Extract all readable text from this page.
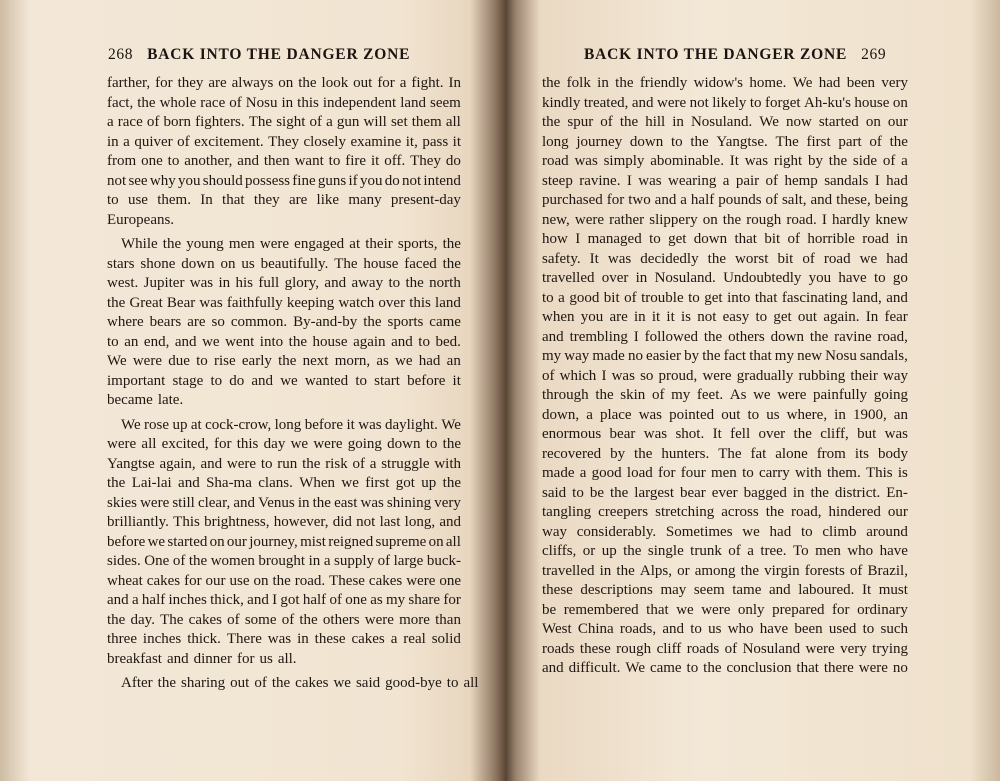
268 BACK INTO THE DANGER ZONE
farther, for they are always on the look out for a fight. In
fact, the whole race of Nosu in this independent land seem
a race of born fighters. The sight of a gun will set them all
in a quiver of excitement. They closely examine it, pass it
from one to another, and then want to fire it off. They do
not see why you should possess fine guns if you do not intend
to use them. In that they are like many present-day
Europeans.
While the young men were engaged at their sports, the
stars shone down on us beautifully. The house faced the
west. Jupiter was in his full glory, and away to the north
the Great Bear was faithfully keeping watch over this land
where bears are so common. By-and-by the sports came
to an end, and we went into the house again and to bed.
We were due to rise early the next morn, as we had an
important stage to do and we wanted to start before it
became late.
We rose up at cock-crow, long before it was daylight. We
were all excited, for this day we were going down to the
Yangtse again, and were to run the risk of a struggle with
the Lai-lai and Sha-ma clans. When we first got up the
skies were still clear, and Venus in the east was shining very
brilliantly. This brightness, however, did not last long, and
before we started on our journey, mist reigned supreme on all
sides. One of the women brought in a supply of large buck-
wheat cakes for our use on the road. These cakes were one
and a half inches thick, and I got half of one as my share for
the day. The cakes of some of the others were more than
three inches thick. There was in these cakes a real solid
breakfast and dinner for us all.
After the sharing out of the cakes we said good-bye to all
BACK INTO THE DANGER ZONE 269
the folk in the friendly widow's home. We had been very
kindly treated, and were not likely to forget Ah-ku's house on
the spur of the hill in Nosuland. We now started on our
long journey down to the Yangtse. The first part of the
road was simply abominable. It was right by the side of a
steep ravine. I was wearing a pair of hemp sandals I had
purchased for two and a half pounds of salt, and these, being
new, were rather slippery on the rough road. I hardly knew
how I managed to get down that bit of horrible road in
safety. It was decidedly the worst bit of road we had
travelled over in Nosuland. Undoubtedly you have to go
to a good bit of trouble to get into that fascinating land, and
when you are in it it is not easy to get out again. In fear
and trembling I followed the others down the ravine road,
my way made no easier by the fact that my new Nosu sandals,
of which I was so proud, were gradually rubbing their way
through the skin of my feet. As we were painfully going
down, a place was pointed out to us where, in 1900, an
enormous bear was shot. It fell over the cliff, but was
recovered by the hunters. The fat alone from its body
made a good load for four men to carry with them. This is
said to be the largest bear ever bagged in the district. En-
tangling creepers stretching across the road, hindered our
way considerably. Sometimes we had to climb around
cliffs, or up the single trunk of a tree. To men who have
travelled in the Alps, or among the virgin forests of Brazil,
these descriptions may seem tame and laboured. It must
be remembered that we were only prepared for ordinary
West China roads, and to us who have been used to such
roads these rough cliff roads of Nosuland were very trying
and difficult. We came to the conclusion that there were no
